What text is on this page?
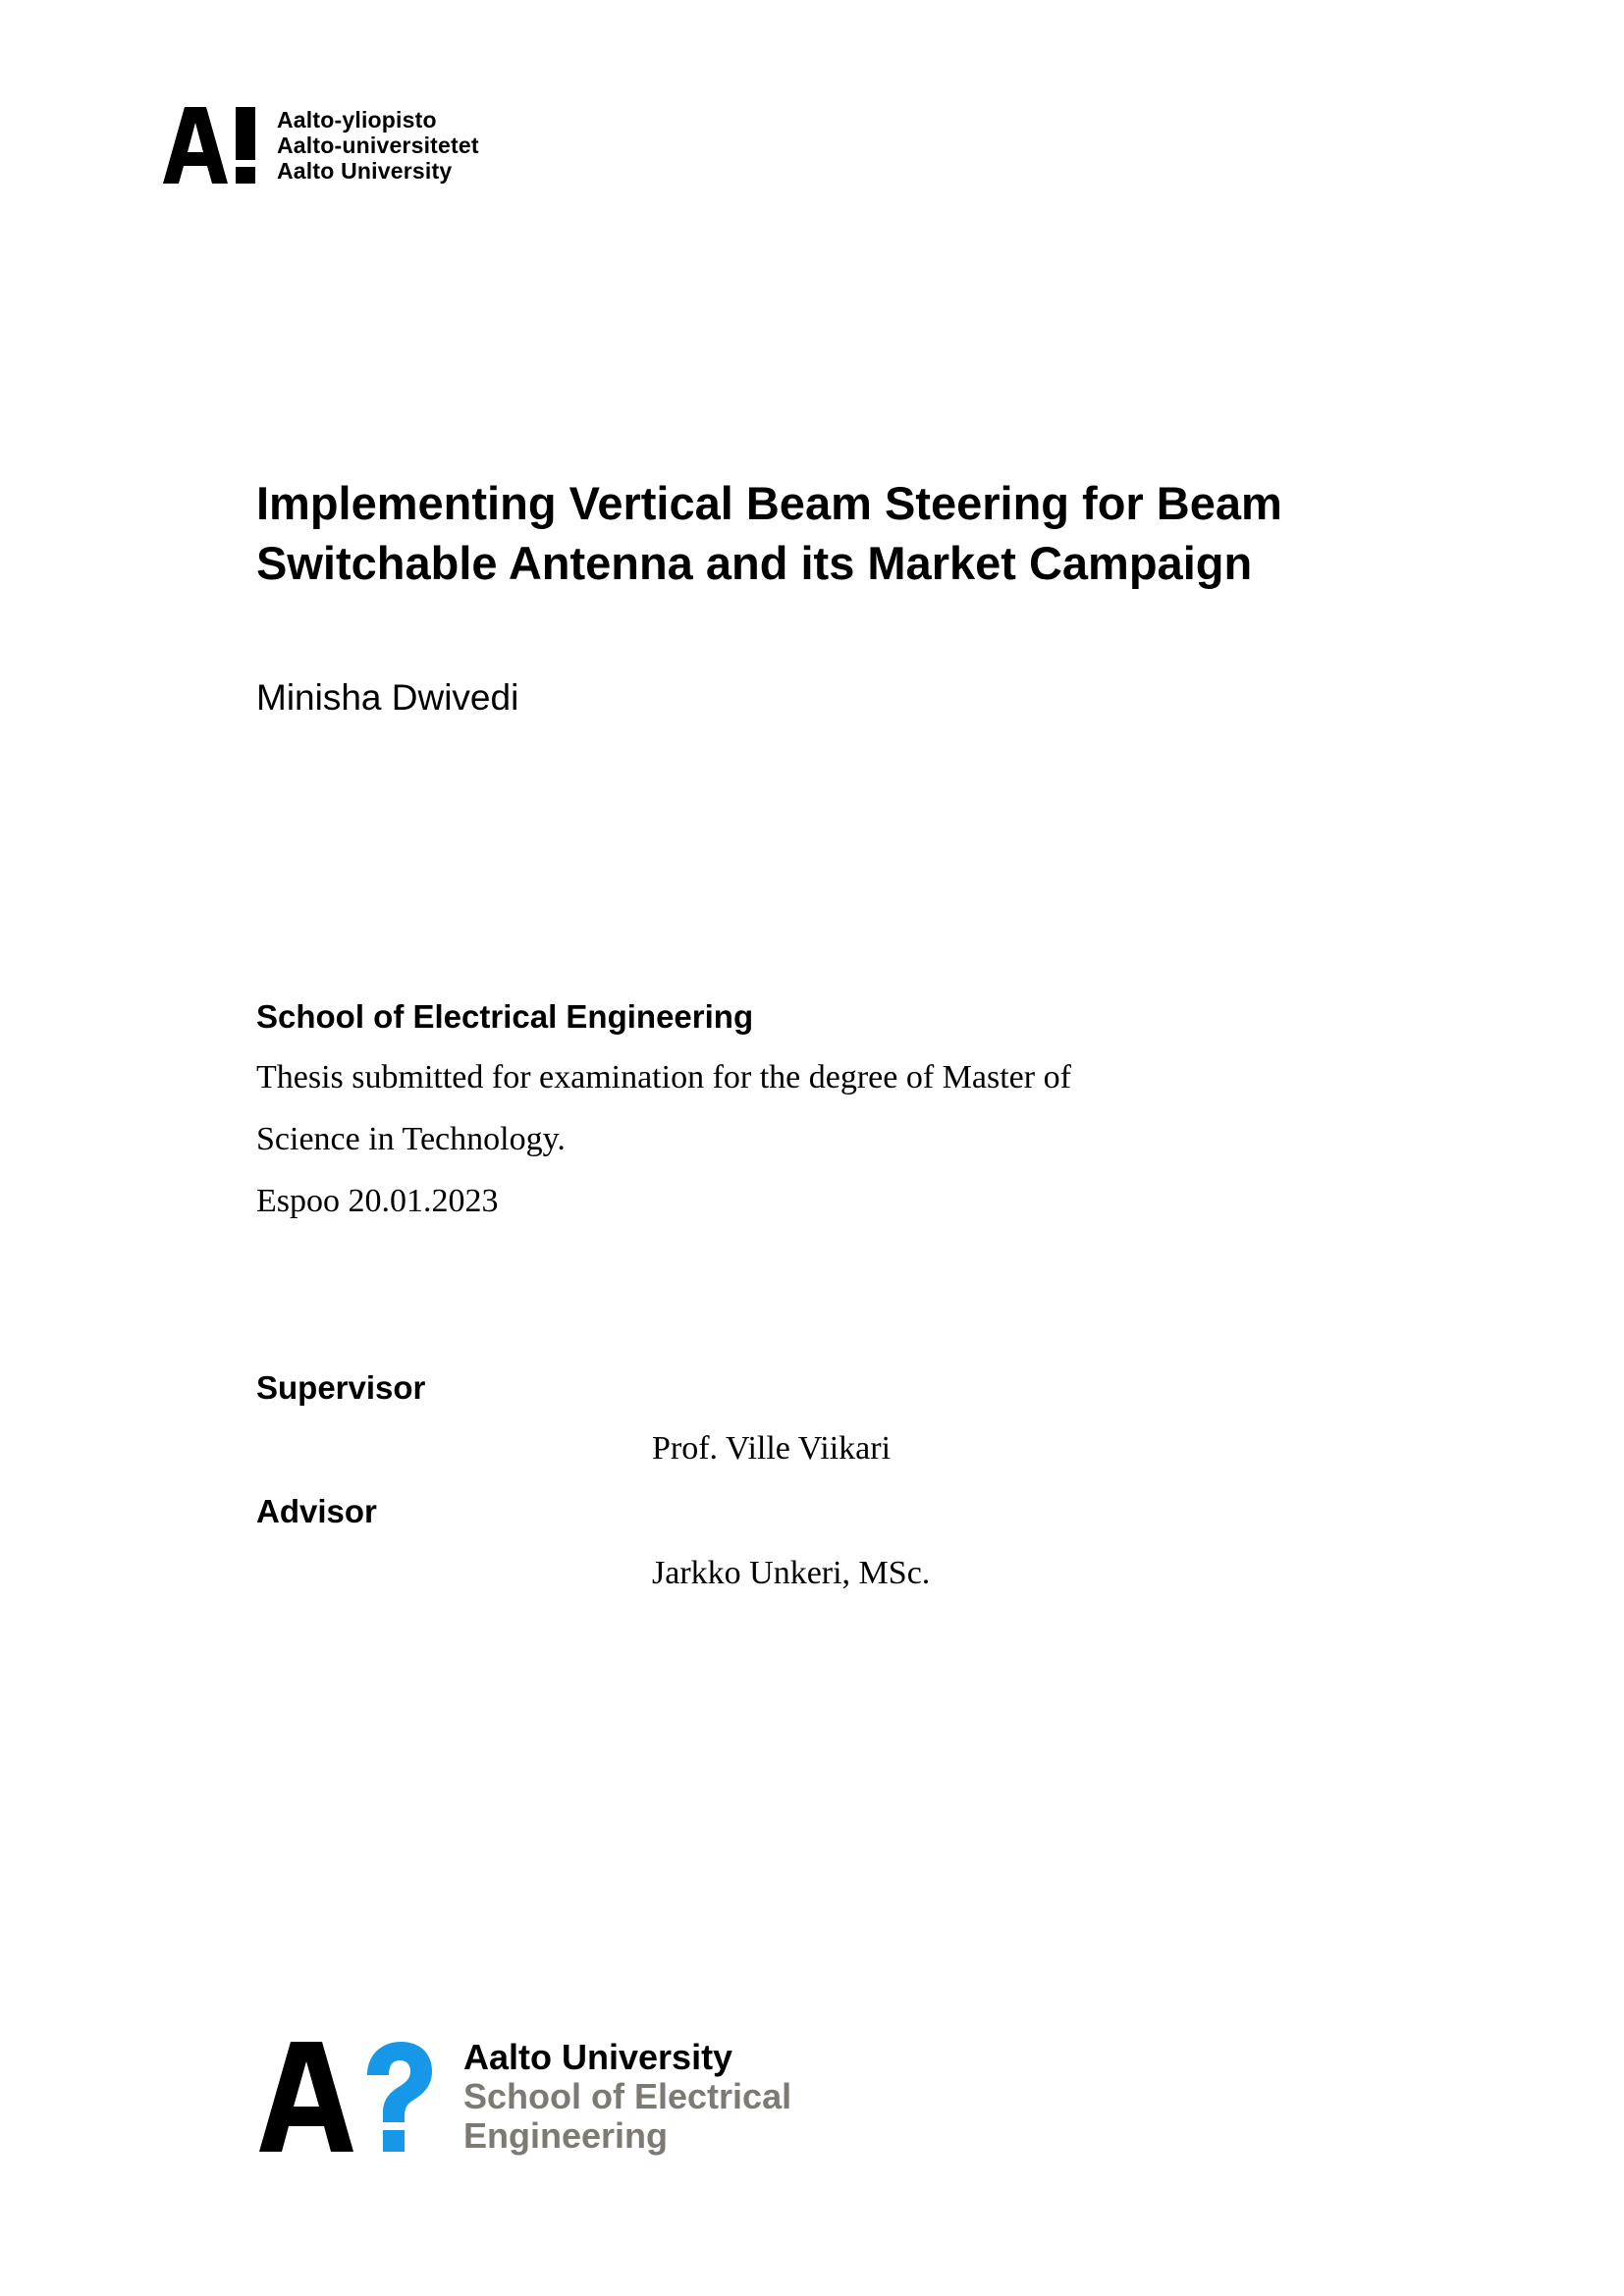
Aalto-yliopisto
Aalto-universitetet
Aalto University
Implementing Vertical Beam Steering for Beam
Switchable Antenna and its Market Campaign
Minisha Dwivedi
School of Electrical Engineering
Thesis submitted for examination for the degree of Master of
Science in Technology.
Espoo 20.01.2023
Supervisor
Prof. Ville Viikari
Advisor
Jarkko Unkeri, MSc.
Aalto University
School of Electrical
Engineering
